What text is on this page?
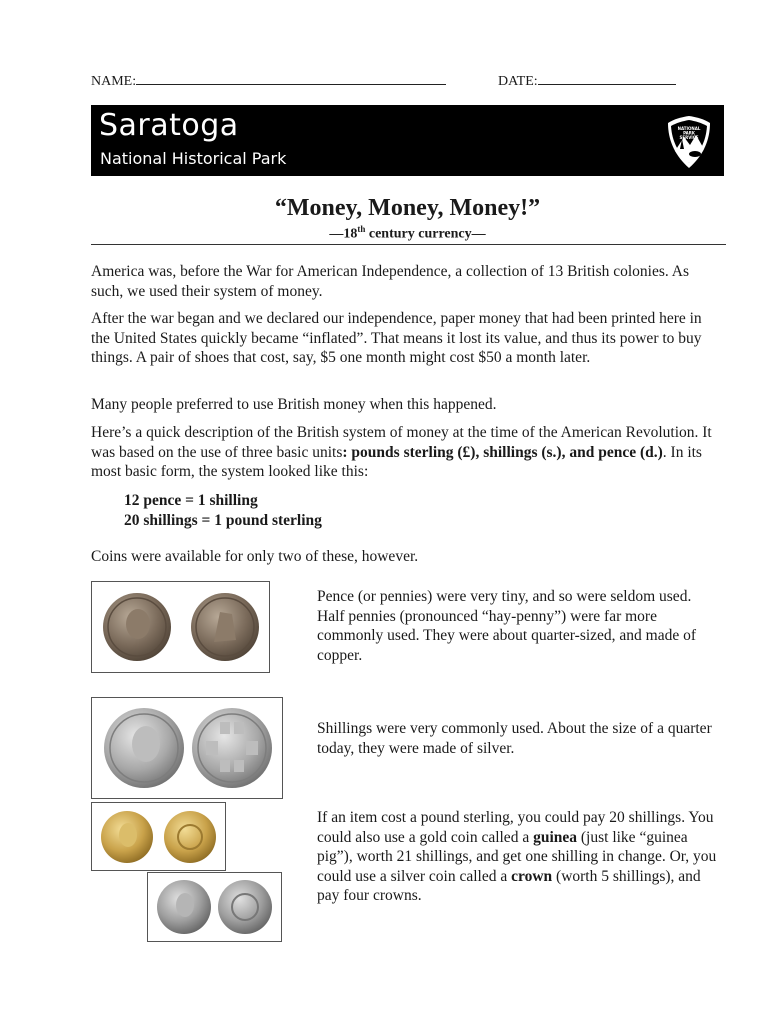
NAME:	DATE:
Saratoga
National Historical Park
NATIONAL
PARK
SERVICE
“Money, Money, Money!”
—18th century currency—

America was, before the War for American Independence, a collection of 13 British colonies. As such, we used their system of money.

After the war began and we declared our independence, paper money that had been printed here in the United States quickly became “inflated”. That means it lost its value, and thus its power to buy things. A pair of shoes that cost, say, $5 one month might cost $50 a month later.

Many people preferred to use British money when this happened.

Here’s a quick description of the British system of money at the time of the American Revolution. It was based on the use of three basic units: pounds sterling (£), shillings (s.), and pence (d.). In its most basic form, the system looked like this:

12 pence = 1 shilling
20 shillings = 1 pound sterling

Coins were available for only two of these, however.

Pence (or pennies) were very tiny, and so were seldom used. Half pennies (pronounced “hay-penny”) were far more commonly used. They were about quarter-sized, and made of copper.
Shillings were very commonly used. About the size of a quarter today, they were made of silver.
If an item cost a pound sterling, you could pay 20 shillings. You could also use a gold coin called a guinea (just like “guinea pig”), worth 21 shillings, and get one shilling in change. Or, you could use a silver coin called a crown (worth 5 shillings), and pay four crowns.
